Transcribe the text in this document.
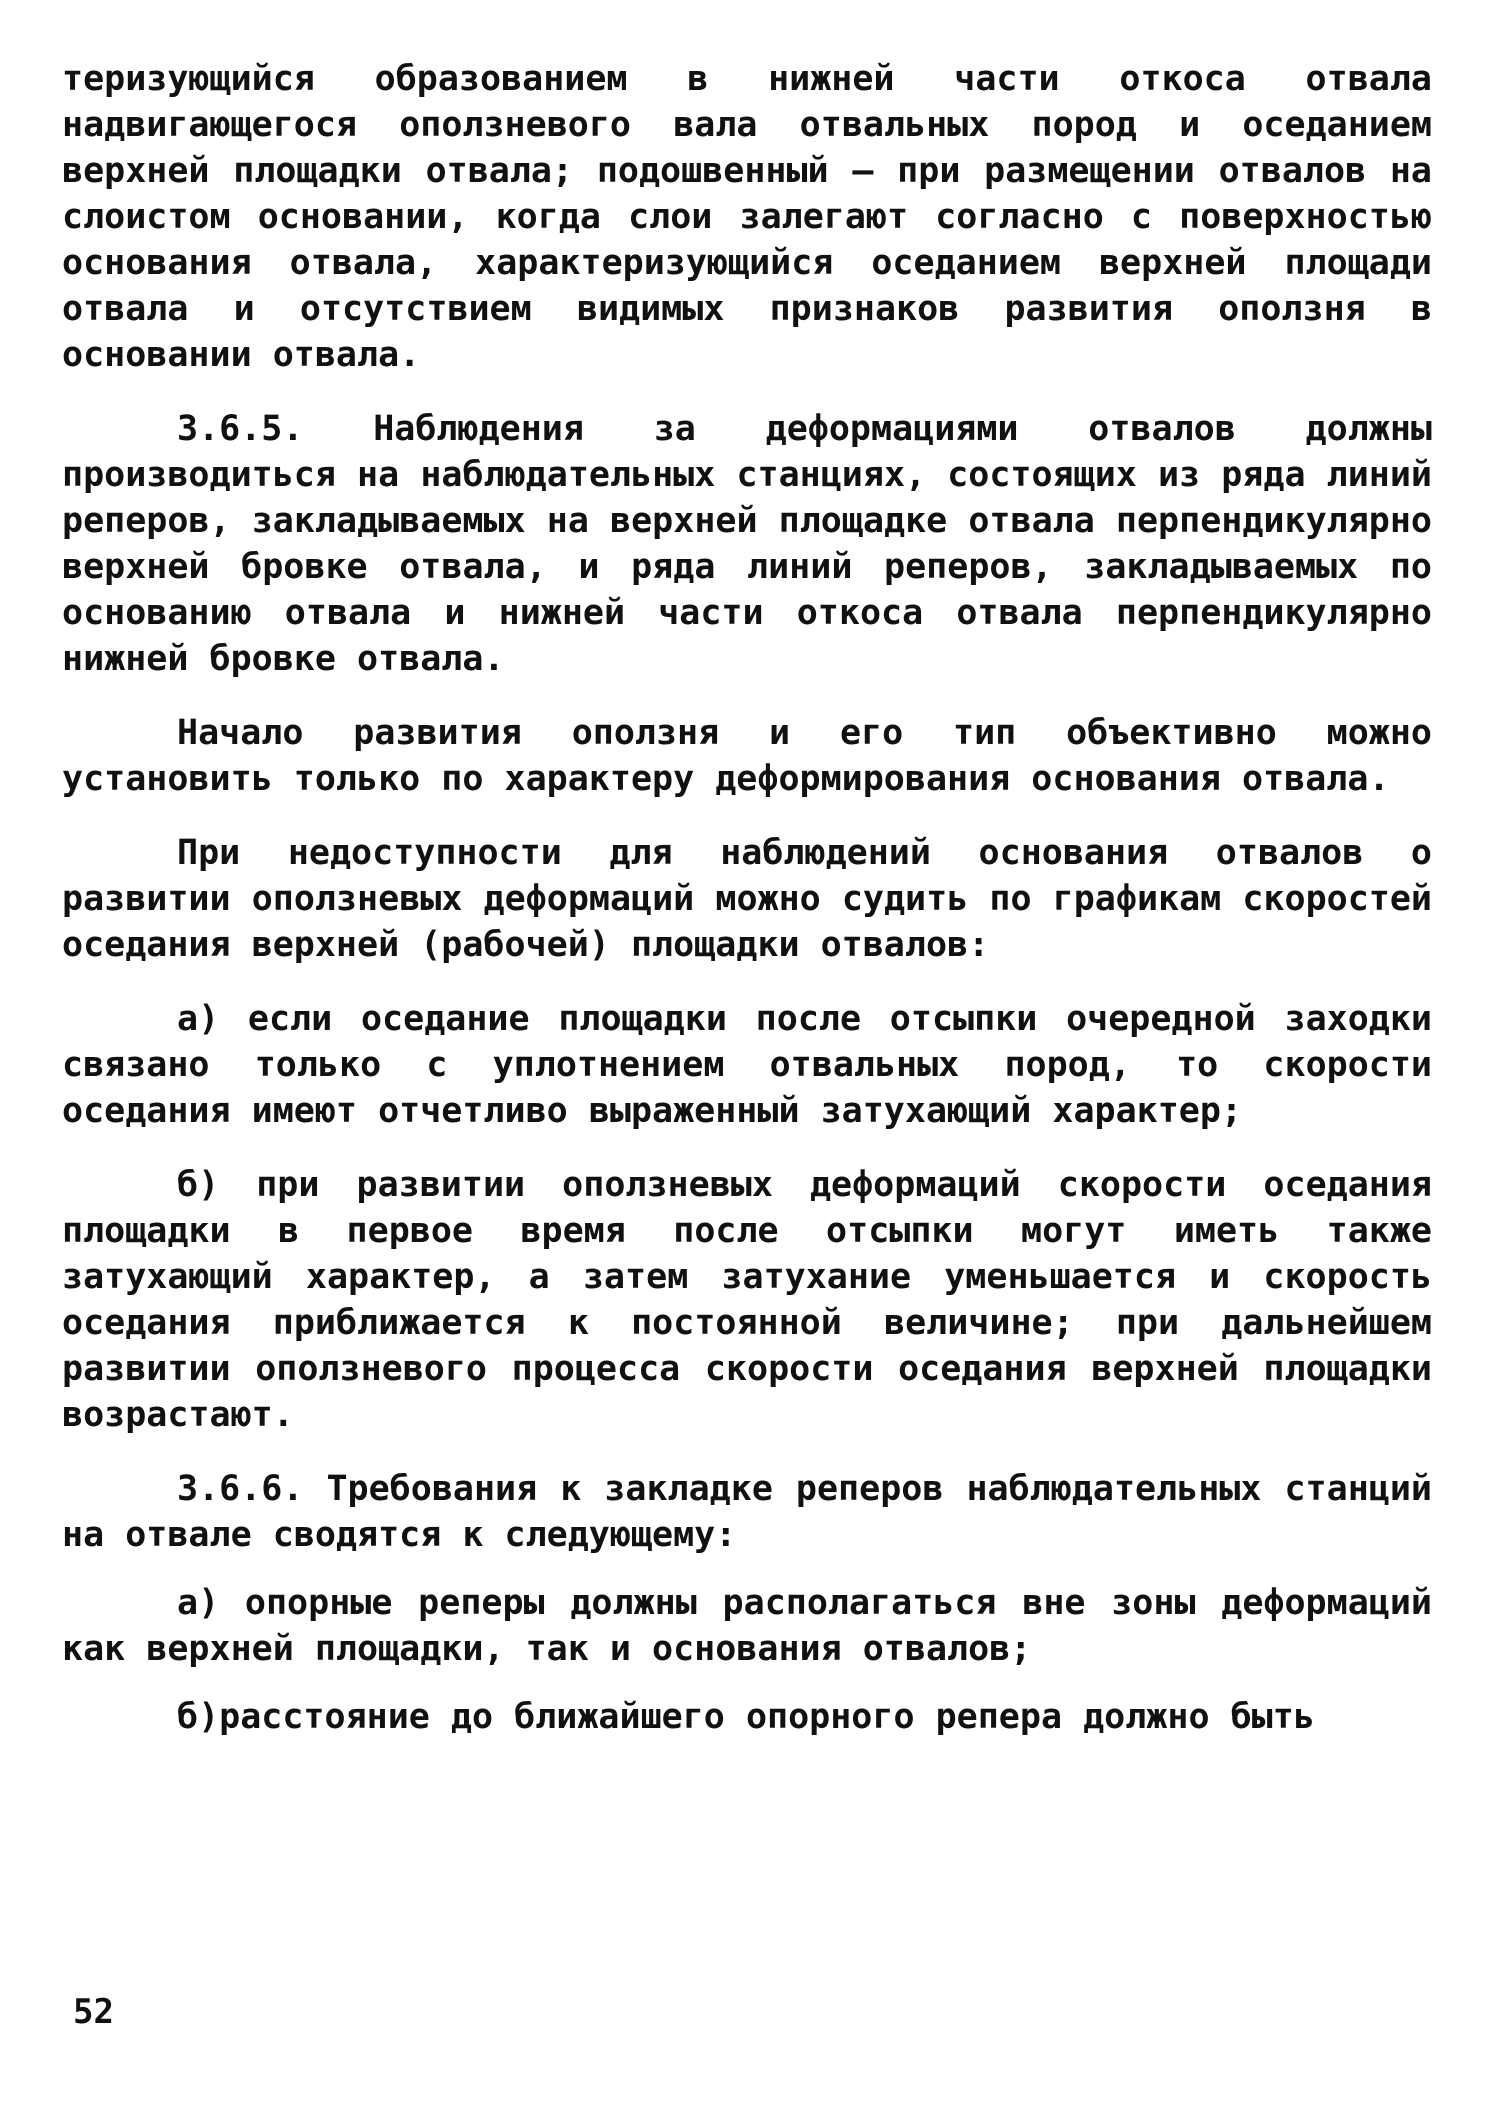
теризующийся образованием в нижней части откоса отвала надвигающегося оползневого вала отвальных пород и оседанием верхней площадки отвала; подошвенный – при размещении отвалов на слоистом основании, когда слои залегают согласно с поверхностью основания отвала, характеризующийся оседанием верхней площади отвала и отсутствием видимых признаков развития оползня в основании отвала.

3.6.5. Наблюдения за деформациями отвалов должны производиться на наблюдательных станциях, состоящих из ряда линий реперов, закладываемых на верхней площадке отвала перпендикулярно верхней бровке отвала, и ряда линий реперов, закладываемых по основанию отвала и нижней части откоса отвала перпендикулярно нижней бровке отвала.

Начало развития оползня и его тип объективно можно установить только по характеру деформирования основания отвала.

При недоступности для наблюдений основания отвалов о развитии оползневых деформаций можно судить по графикам скоростей оседания верхней (рабочей) площадки отвалов:

а) если оседание площадки после отсыпки очередной заходки связано только с уплотнением отвальных пород, то скорости оседания имеют отчетливо выраженный затухающий характер;

б) при развитии оползневых деформаций скорости оседания площадки в первое время после отсыпки могут иметь также затухающий характер, а затем затухание уменьшается и скорость оседания приближается к постоянной величине; при дальнейшем развитии оползневого процесса скорости оседания верхней площадки возрастают.

3.6.6. Требования к закладке реперов наблюдательных станций на отвале сводятся к следующему:

а) опорные реперы должны располагаться вне зоны деформаций как верхней площадки, так и основания отвалов;

б)расстояние до ближайшего опорного репера должно быть

52
